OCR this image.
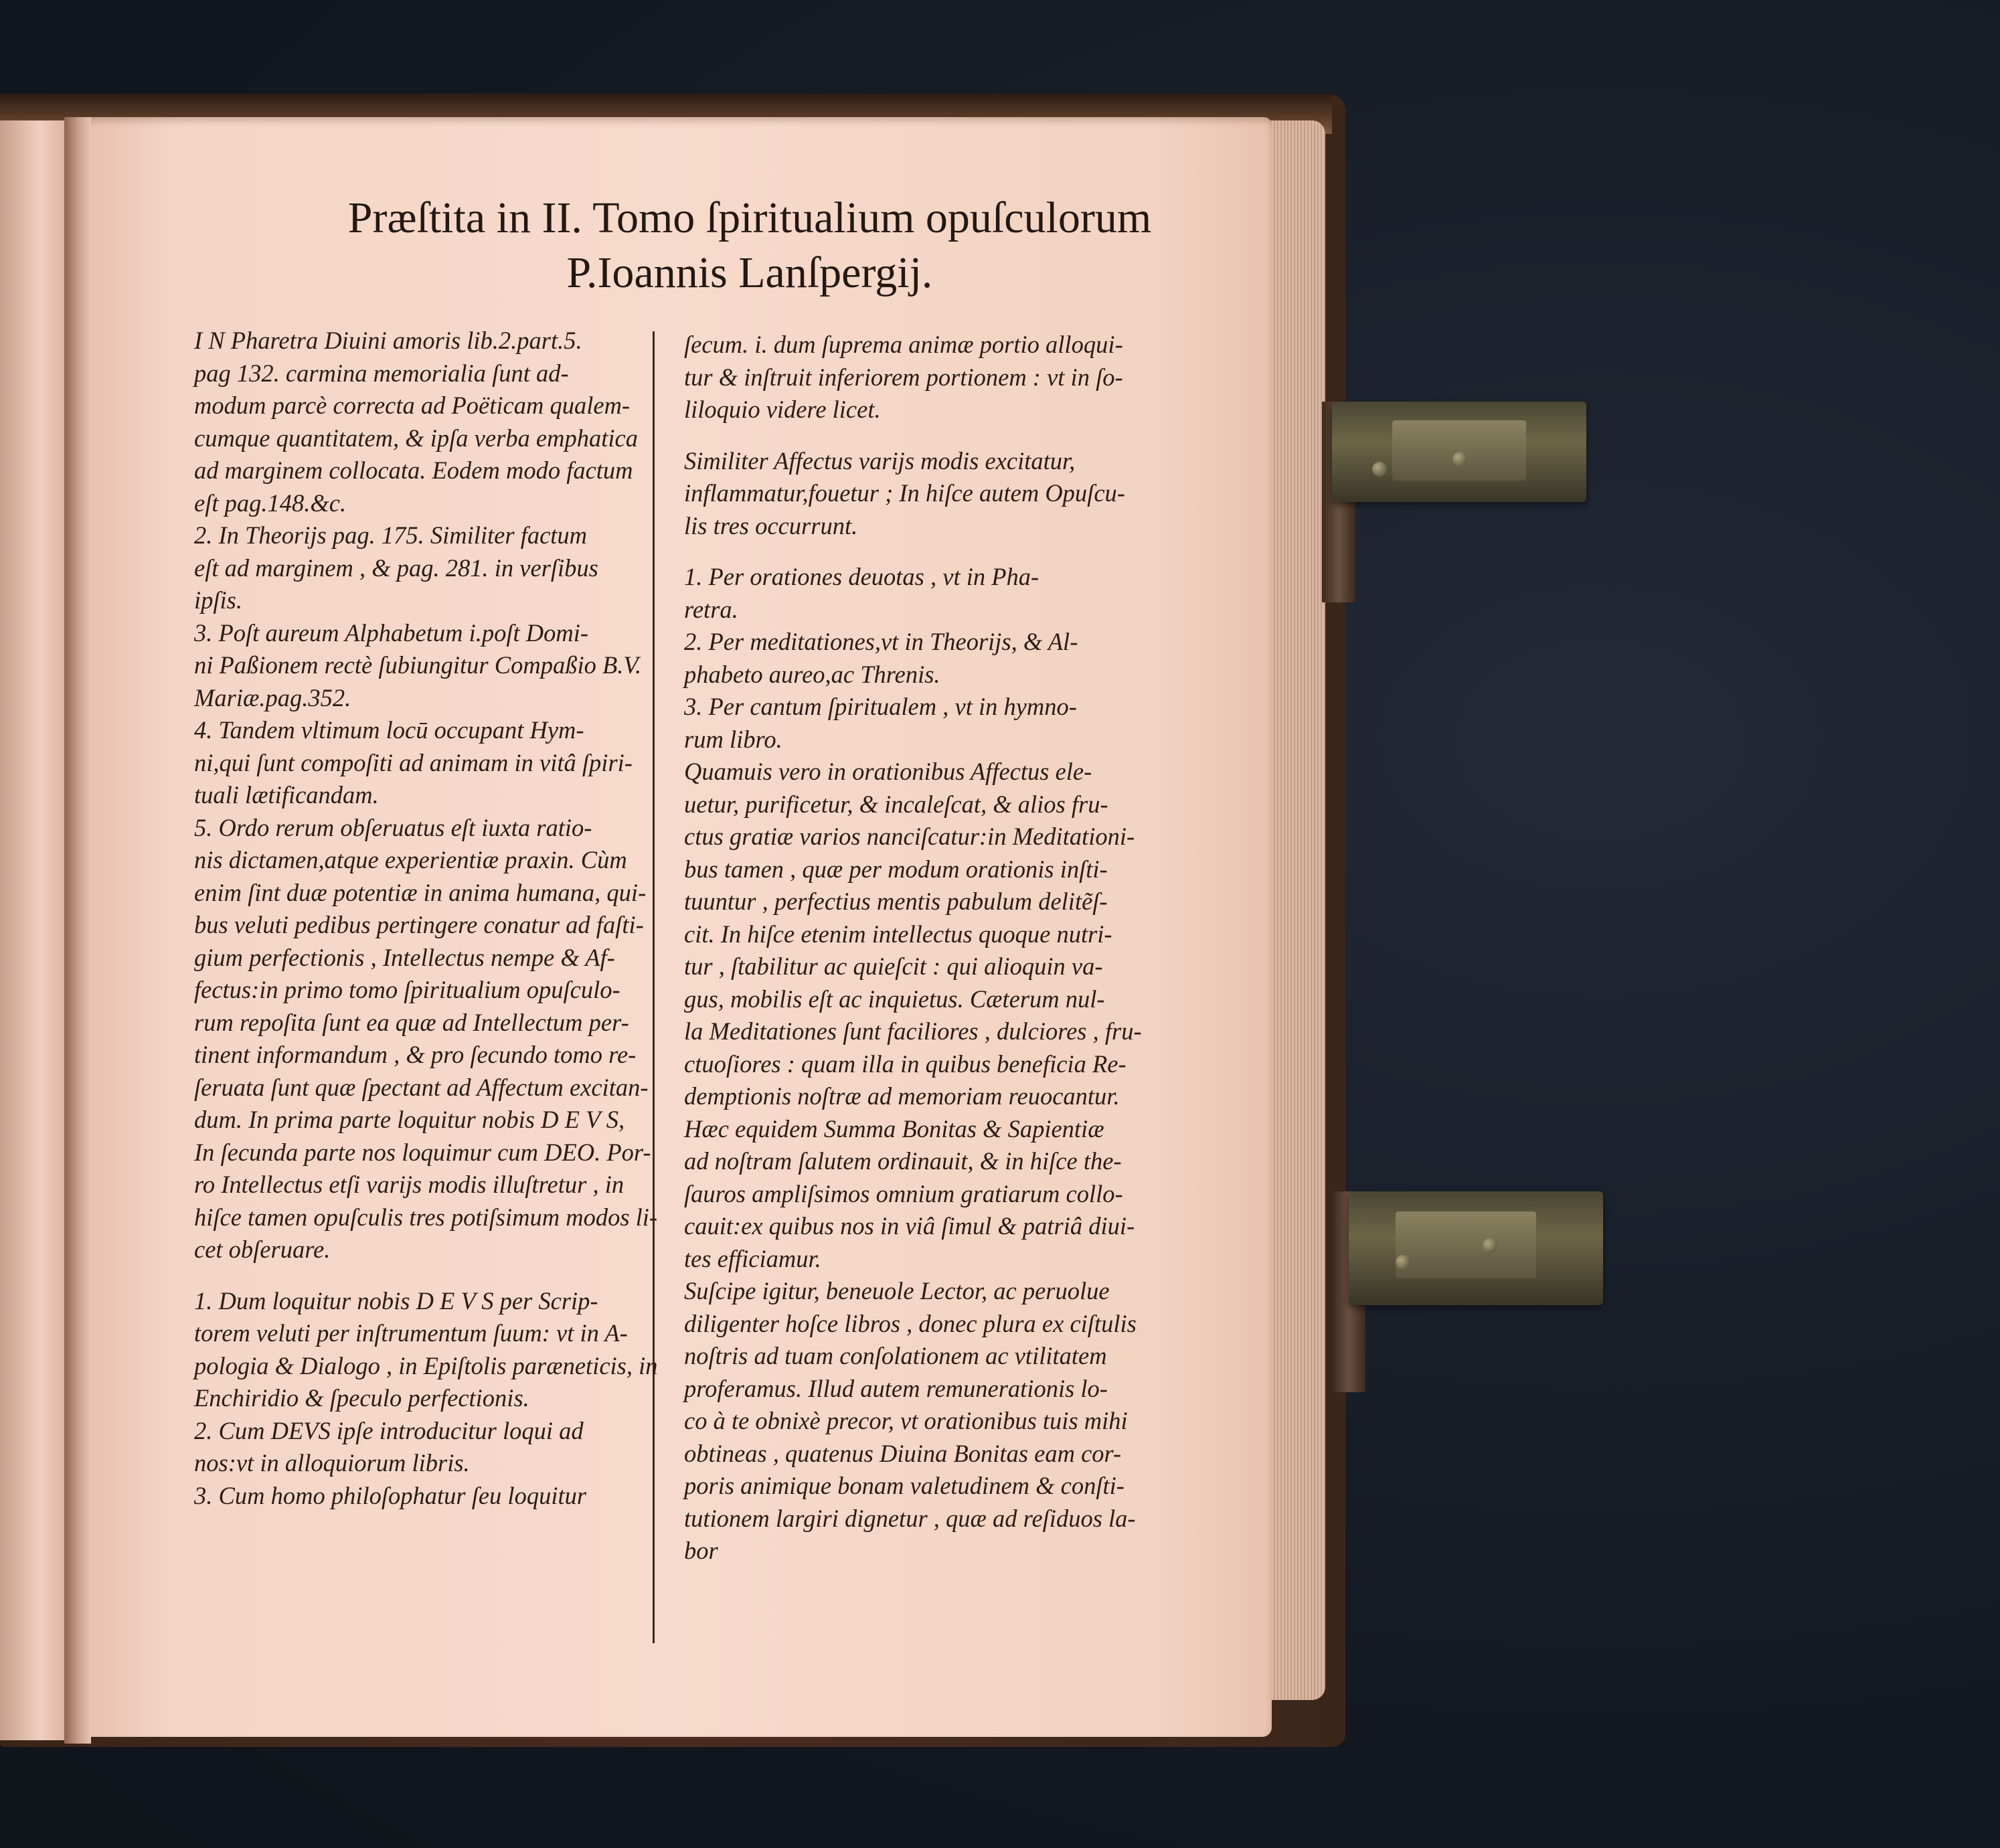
Præſtita in II. Tomo ſpiritualium opuſculorum
P.Ioannis Lanſpergij.
I N Pharetra Diuini amoris lib.2.part.5.
pag 132. carmina memorialia ſunt ad-
modum parcè correcta ad Poëticam qualem-
cumque quantitatem, & ipſa verba emphatica
ad marginem collocata. Eodem modo factum
eſt pag.148.&c.
2. In Theorijs pag. 175. Similiter factum
eſt ad marginem , & pag. 281. in verſibus
ipſis.
3. Poſt aureum Alphabetum i.poſt Domi-
ni Paßionem rectè ſubiungitur Compaßio B.V.
Mariæ.pag.352.
4. Tandem vltimum locū occupant Hym-
ni,qui ſunt compoſiti ad animam in vitâ ſpiri-
tuali lætificandam.
5. Ordo rerum obſeruatus eſt iuxta ratio-
nis dictamen,atque experientiæ praxin. Cùm
enim ſint duæ potentiæ in anima humana, qui-
bus veluti pedibus pertingere conatur ad faſti-
gium perfectionis , Intellectus nempe & Af-
fectus:in primo tomo ſpiritualium opuſculo-
rum repoſita ſunt ea quæ ad Intellectum per-
tinent informandum , & pro ſecundo tomo re-
ſeruata ſunt quæ ſpectant ad Affectum excitan-
dum. In prima parte loquitur nobis D E V S,
In ſecunda parte nos loquimur cum DEO. Por-
ro Intellectus etſi varijs modis illuſtretur , in
hiſce tamen opuſculis tres potiſsimum modos li-
cet obſeruare.
1. Dum loquitur nobis D E V S per Scrip-
torem veluti per inſtrumentum ſuum: vt in A-
pologia & Dialogo , in Epiſtolis paræneticis, in
Enchiridio & ſpeculo perfectionis.
2. Cum DEVS ipſe introducitur loqui ad
nos:vt in alloquiorum libris.
3. Cum homo philoſophatur ſeu loquitur
ſecum. i. dum ſuprema animæ portio alloqui-
tur & inſtruit inferiorem portionem : vt in ſo-
liloquio videre licet.
Similiter Affectus varijs modis excitatur,
inflammatur,fouetur ; In hiſce autem Opuſcu-
lis tres occurrunt.
1. Per orationes deuotas , vt in Pha-
retra.
2. Per meditationes,vt in Theorijs, & Al-
phabeto aureo,ac Threnis.
3. Per cantum ſpiritualem , vt in hymno-
rum libro.
Quamuis vero in orationibus Affectus ele-
uetur, purificetur, & incaleſcat, & alios fru-
ctus gratiæ varios nanciſcatur:in Meditationi-
bus tamen , quæ per modum orationis inſti-
tuuntur , perfectius mentis pabulum delitẽſ-
cit. In hiſce etenim intellectus quoque nutri-
tur , ſtabilitur ac quieſcit : qui alioquin va-
gus, mobilis eſt ac inquietus. Cæterum nul-
la Meditationes ſunt faciliores , dulciores , fru-
ctuoſiores : quam illa in quibus beneficia Re-
demptionis noſtræ ad memoriam reuocantur.
Hæc equidem Summa Bonitas & Sapientiæ
ad noſtram ſalutem ordinauit, & in hiſce the-
ſauros ampliſsimos omnium gratiarum collo-
cauit:ex quibus nos in viâ ſimul & patriâ diui-
tes efficiamur.
Suſcipe igitur, beneuole Lector, ac peruolue
diligenter hoſce libros , donec plura ex ciſtulis
noſtris ad tuam conſolationem ac vtilitatem
proferamus. Illud autem remunerationis lo-
co à te obnixè precor, vt orationibus tuis mihi
obtineas , quatenus Diuina Bonitas eam cor-
poris animique bonam valetudinem & conſti-
tutionem largiri dignetur , quæ ad reſiduos la-
bor
